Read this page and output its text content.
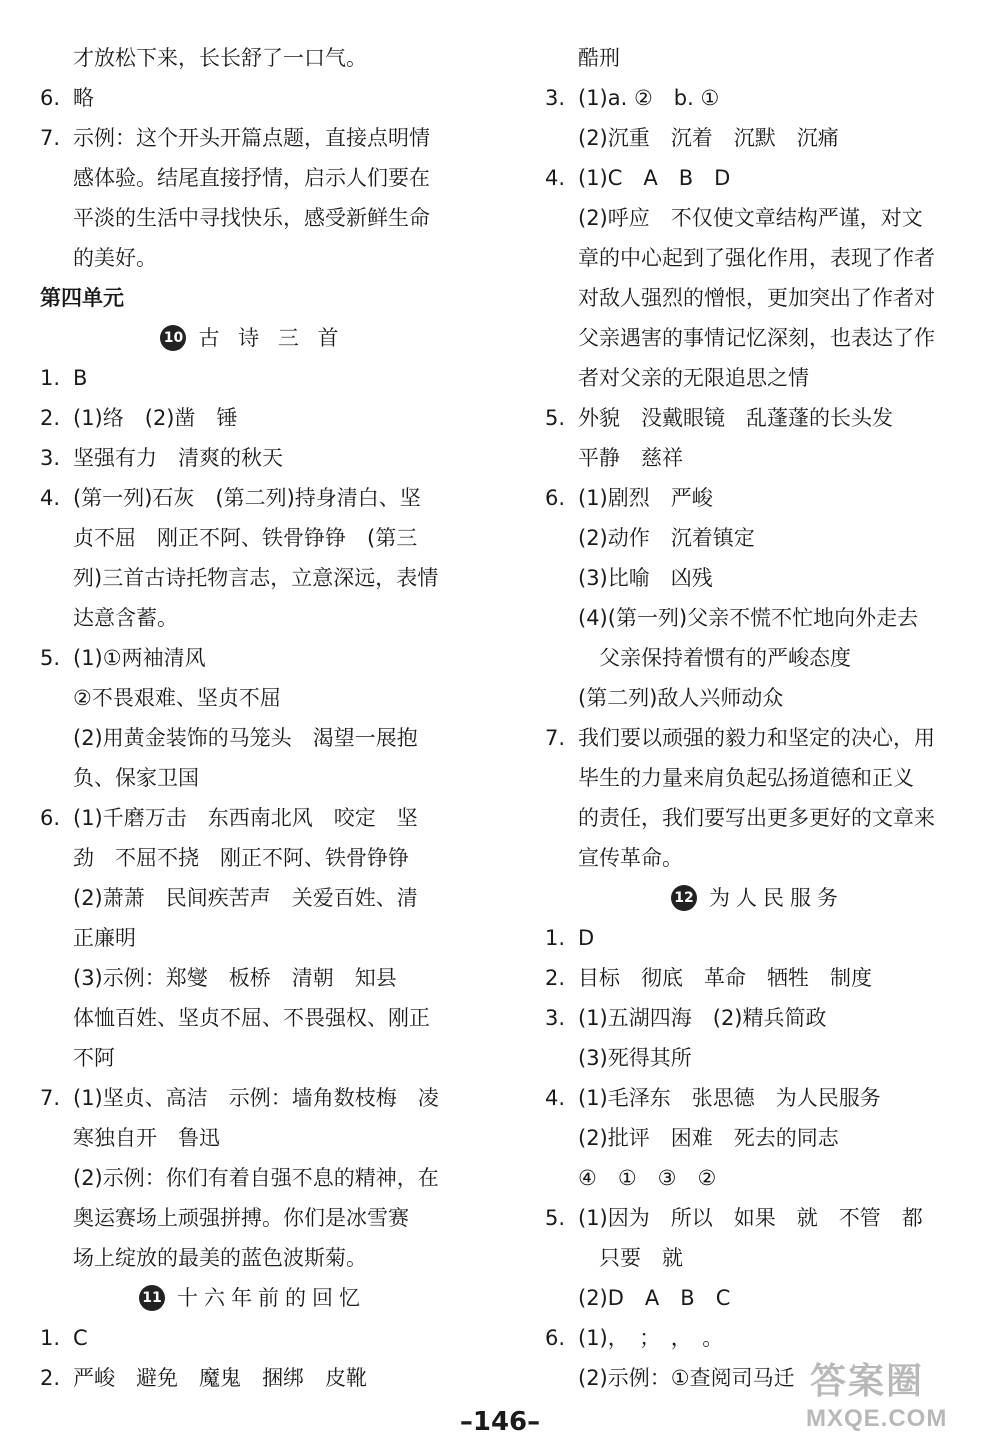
才放松下来，长长舒了一口气。
6. 略
7. 示例：这个开头开篇点题，直接点明情
感体验。结尾直接抒情，启示人们要在
平淡的生活中寻找快乐，感受新鲜生命
的美好。
第四单元
10 古 诗 三 首
1. B
2. (1)络　(2)凿　锤
3. 坚强有力　清爽的秋天
4. (第一列)石灰　(第二列)持身清白、坚
贞不屈　刚正不阿、铁骨铮铮　(第三
列)三首古诗托物言志，立意深远，表情
达意含蓄。
5. (1)①两袖清风
②不畏艰难、坚贞不屈
(2)用黄金装饰的马笼头　渴望一展抱
负、保家卫国
6. (1)千磨万击　东西南北风　咬定　坚
劲　不屈不挠　刚正不阿、铁骨铮铮
(2)萧萧　民间疾苦声　关爱百姓、清
正廉明
(3)示例：郑燮　板桥　清朝　知县
体恤百姓、坚贞不屈、不畏强权、刚正
不阿
7. (1)坚贞、高洁　示例：墙角数枝梅　凌
寒独自开　鲁迅
(2)示例：你们有着自强不息的精神，在
奥运赛场上顽强拼搏。你们是冰雪赛
场上绽放的最美的蓝色波斯菊。
11 十六年前的回忆
1. C
2. 严峻　避免　魔鬼　捆绑　皮靴
酷刑
3. (1)a. ②　b. ①
(2)沉重　沉着　沉默　沉痛
4. (1)C　A　B　D
(2)呼应　不仅使文章结构严谨，对文
章的中心起到了强化作用，表现了作者
对敌人强烈的憎恨，更加突出了作者对
父亲遇害的事情记忆深刻，也表达了作
者对父亲的无限追思之情
5. 外貌　没戴眼镜　乱蓬蓬的长头发
平静　慈祥
6. (1)剧烈　严峻
(2)动作　沉着镇定
(3)比喻　凶残
(4)(第一列)父亲不慌不忙地向外走去
　父亲保持着惯有的严峻态度
(第二列)敌人兴师动众
7. 我们要以顽强的毅力和坚定的决心，用
毕生的力量来肩负起弘扬道德和正义
的责任，我们要写出更多更好的文章来
宣传革命。
12 为人民服务
1. D
2. 目标　彻底　革命　牺牲　制度
3. (1)五湖四海　(2)精兵简政
(3)死得其所
4. (1)毛泽东　张思德　为人民服务
(2)批评　困难　死去的同志
④　①　③　②
5. (1)因为　所以　如果　就　不管　都
　只要　就
(2)D　A　B　C
6. (1)，　；　，　。
(2)示例：①查阅司马迁
–146–
答案圈
MXQE.COM
